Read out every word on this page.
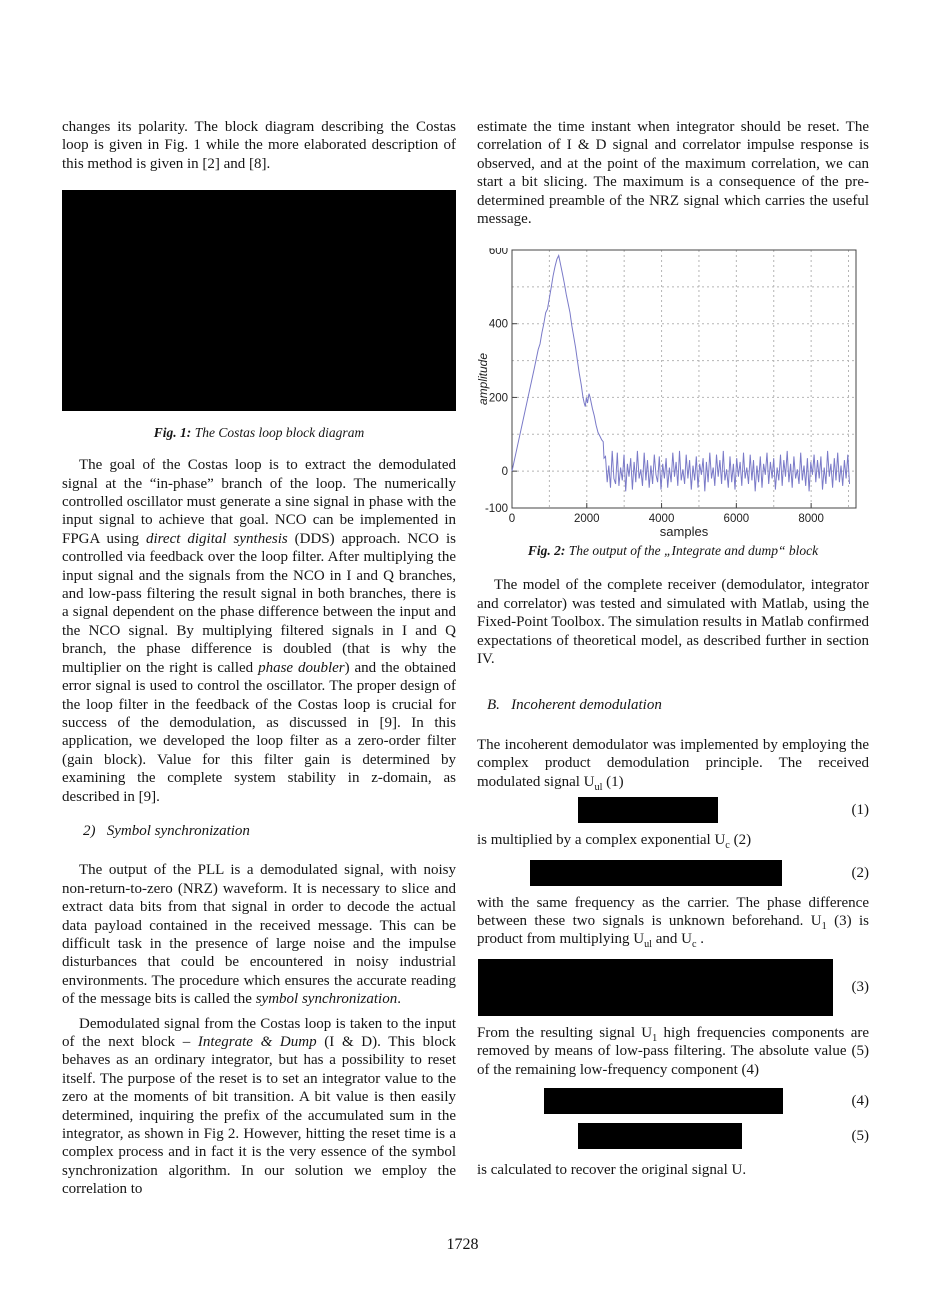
changes its polarity. The block diagram describing the Costas loop is given in Fig. 1 while the more elaborated description of this method is given in [2] and [8].

Fig. 1: The Costas loop block diagram

The goal of the Costas loop is to extract the demodulated signal at the “in-phase” branch of the loop. The numerically controlled oscillator must generate a sine signal in phase with the input signal to achieve that goal. NCO can be implemented in FPGA using direct digital synthesis (DDS) approach. NCO is controlled via feedback over the loop filter. After multiplying the input signal and the signals from the NCO in I and Q branches, and low-pass filtering the result signal in both branches, there is a signal dependent on the phase difference between the input and the NCO signal. By multiplying filtered signals in I and Q branch, the phase difference is doubled (that is why the multiplier on the right is called phase doubler) and the obtained error signal is used to control the oscillator. The proper design of the loop filter in the feedback of the Costas loop is crucial for success of the demodulation, as discussed in [9]. In this application, we developed the loop filter as a zero-order filter (gain block). Value for this filter gain is determined by examining the complete system stability in z-domain, as described in [9].

2)   Symbol synchronization

The output of the PLL is a demodulated signal, with noisy non-return-to-zero (NRZ) waveform. It is necessary to slice and extract data bits from that signal in order to decode the actual data payload contained in the received message. This can be difficult task in the presence of large noise and the impulse disturbances that could be encountered in noisy industrial environments. The procedure which ensures the accurate reading of the message bits is called the symbol synchronization.

Demodulated signal from the Costas loop is taken to the input of the next block – Integrate & Dump (I & D). This block behaves as an ordinary integrator, but has a possibility to reset itself. The purpose of the reset is to set an integrator value to the zero at the moments of bit transition. A bit value is then easily determined, inquiring the prefix of the accumulated sum in the integrator, as shown in Fig 2. However, hitting the reset time is a complex process and in fact it is the very essence of the symbol synchronization algorithm. In our solution we employ the correlation to

estimate the time instant when integrator should be reset. The correlation of I & D signal and correlator impulse response is observed, and at the point of the maximum correlation, we can start a bit slicing. The maximum is a consequence of the pre-determined preamble of the NRZ signal which carries the useful message.

0	2000	4000	6000	8000
-100
0
200
400
600
samples
amplitude
Fig. 2: The output of the „Integrate and dump“ block

The model of the complete receiver (demodulator, integrator and correlator) was tested and simulated with Matlab, using the Fixed-Point Toolbox. The simulation results in Matlab confirmed expectations of theoretical model, as described further in section IV.

B.   Incoherent demodulation

The incoherent demodulator was implemented by employing the complex product demodulation principle. The received modulated signal $U_{ul}$ (1)

(1)

is multiplied by a complex exponential $U_c$ (2)

(2)

with the same frequency as the carrier. The phase difference between these two signals is unknown beforehand. $U_1$ (3) is product from multiplying $U_{ul}$ and $U_c$ .

(3)

From the resulting signal $U_1$ high frequencies components are removed by means of low-pass filtering. The absolute value (5) of the remaining low-frequency component (4)

(4)
(5)

is calculated to recover the original signal U.

1728
